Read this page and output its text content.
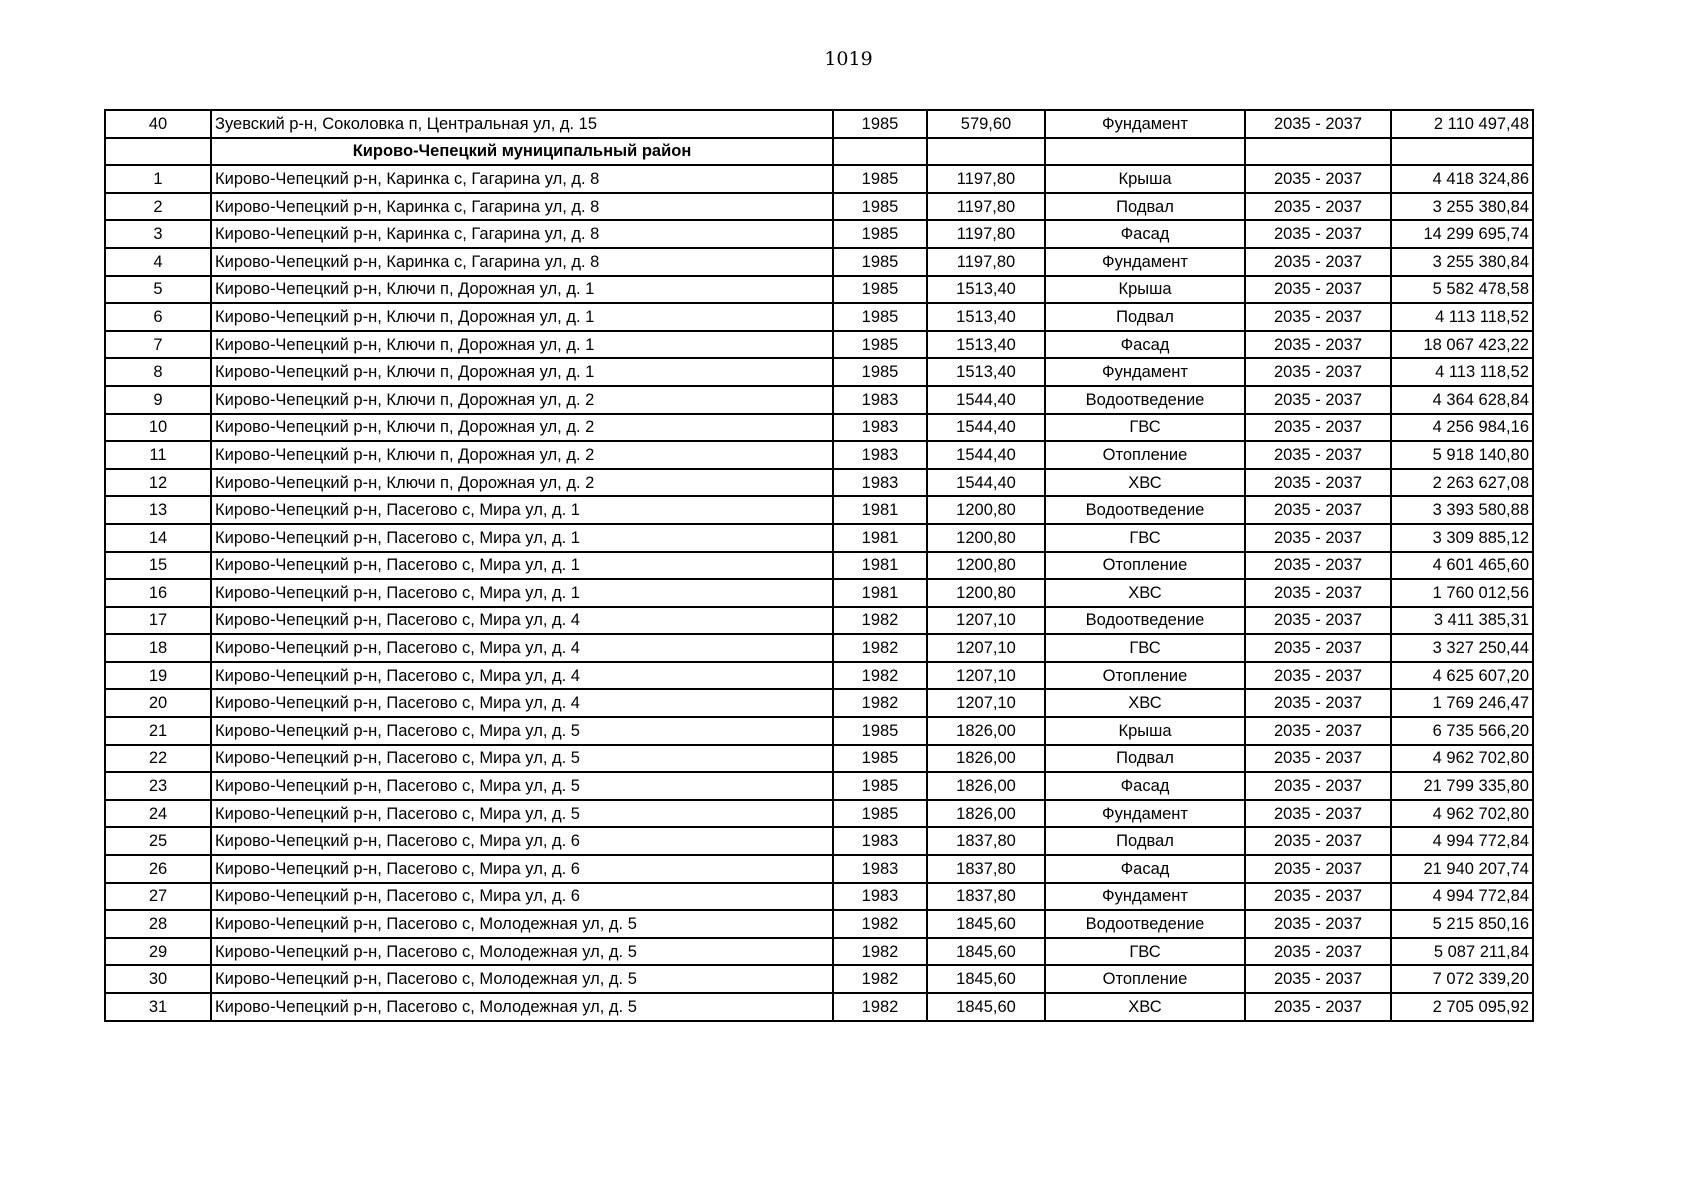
1019
40	Зуевский р-н, Соколовка п, Центральная ул, д. 15	1985	579,60	Фундамент	2035 - 2037	2 110 497,48
	Кирово-Чепецкий муниципальный район					
1	Кирово-Чепецкий р-н, Каринка с, Гагарина ул, д. 8	1985	1197,80	Крыша	2035 - 2037	4 418 324,86
2	Кирово-Чепецкий р-н, Каринка с, Гагарина ул, д. 8	1985	1197,80	Подвал	2035 - 2037	3 255 380,84
3	Кирово-Чепецкий р-н, Каринка с, Гагарина ул, д. 8	1985	1197,80	Фасад	2035 - 2037	14 299 695,74
4	Кирово-Чепецкий р-н, Каринка с, Гагарина ул, д. 8	1985	1197,80	Фундамент	2035 - 2037	3 255 380,84
5	Кирово-Чепецкий р-н, Ключи п, Дорожная ул, д. 1	1985	1513,40	Крыша	2035 - 2037	5 582 478,58
6	Кирово-Чепецкий р-н, Ключи п, Дорожная ул, д. 1	1985	1513,40	Подвал	2035 - 2037	4 113 118,52
7	Кирово-Чепецкий р-н, Ключи п, Дорожная ул, д. 1	1985	1513,40	Фасад	2035 - 2037	18 067 423,22
8	Кирово-Чепецкий р-н, Ключи п, Дорожная ул, д. 1	1985	1513,40	Фундамент	2035 - 2037	4 113 118,52
9	Кирово-Чепецкий р-н, Ключи п, Дорожная ул, д. 2	1983	1544,40	Водоотведение	2035 - 2037	4 364 628,84
10	Кирово-Чепецкий р-н, Ключи п, Дорожная ул, д. 2	1983	1544,40	ГВС	2035 - 2037	4 256 984,16
11	Кирово-Чепецкий р-н, Ключи п, Дорожная ул, д. 2	1983	1544,40	Отопление	2035 - 2037	5 918 140,80
12	Кирово-Чепецкий р-н, Ключи п, Дорожная ул, д. 2	1983	1544,40	ХВС	2035 - 2037	2 263 627,08
13	Кирово-Чепецкий р-н, Пасегово с, Мира ул, д. 1	1981	1200,80	Водоотведение	2035 - 2037	3 393 580,88
14	Кирово-Чепецкий р-н, Пасегово с, Мира ул, д. 1	1981	1200,80	ГВС	2035 - 2037	3 309 885,12
15	Кирово-Чепецкий р-н, Пасегово с, Мира ул, д. 1	1981	1200,80	Отопление	2035 - 2037	4 601 465,60
16	Кирово-Чепецкий р-н, Пасегово с, Мира ул, д. 1	1981	1200,80	ХВС	2035 - 2037	1 760 012,56
17	Кирово-Чепецкий р-н, Пасегово с, Мира ул, д. 4	1982	1207,10	Водоотведение	2035 - 2037	3 411 385,31
18	Кирово-Чепецкий р-н, Пасегово с, Мира ул, д. 4	1982	1207,10	ГВС	2035 - 2037	3 327 250,44
19	Кирово-Чепецкий р-н, Пасегово с, Мира ул, д. 4	1982	1207,10	Отопление	2035 - 2037	4 625 607,20
20	Кирово-Чепецкий р-н, Пасегово с, Мира ул, д. 4	1982	1207,10	ХВС	2035 - 2037	1 769 246,47
21	Кирово-Чепецкий р-н, Пасегово с, Мира ул, д. 5	1985	1826,00	Крыша	2035 - 2037	6 735 566,20
22	Кирово-Чепецкий р-н, Пасегово с, Мира ул, д. 5	1985	1826,00	Подвал	2035 - 2037	4 962 702,80
23	Кирово-Чепецкий р-н, Пасегово с, Мира ул, д. 5	1985	1826,00	Фасад	2035 - 2037	21 799 335,80
24	Кирово-Чепецкий р-н, Пасегово с, Мира ул, д. 5	1985	1826,00	Фундамент	2035 - 2037	4 962 702,80
25	Кирово-Чепецкий р-н, Пасегово с, Мира ул, д. 6	1983	1837,80	Подвал	2035 - 2037	4 994 772,84
26	Кирово-Чепецкий р-н, Пасегово с, Мира ул, д. 6	1983	1837,80	Фасад	2035 - 2037	21 940 207,74
27	Кирово-Чепецкий р-н, Пасегово с, Мира ул, д. 6	1983	1837,80	Фундамент	2035 - 2037	4 994 772,84
28	Кирово-Чепецкий р-н, Пасегово с, Молодежная ул, д. 5	1982	1845,60	Водоотведение	2035 - 2037	5 215 850,16
29	Кирово-Чепецкий р-н, Пасегово с, Молодежная ул, д. 5	1982	1845,60	ГВС	2035 - 2037	5 087 211,84
30	Кирово-Чепецкий р-н, Пасегово с, Молодежная ул, д. 5	1982	1845,60	Отопление	2035 - 2037	7 072 339,20
31	Кирово-Чепецкий р-н, Пасегово с, Молодежная ул, д. 5	1982	1845,60	ХВС	2035 - 2037	2 705 095,92
